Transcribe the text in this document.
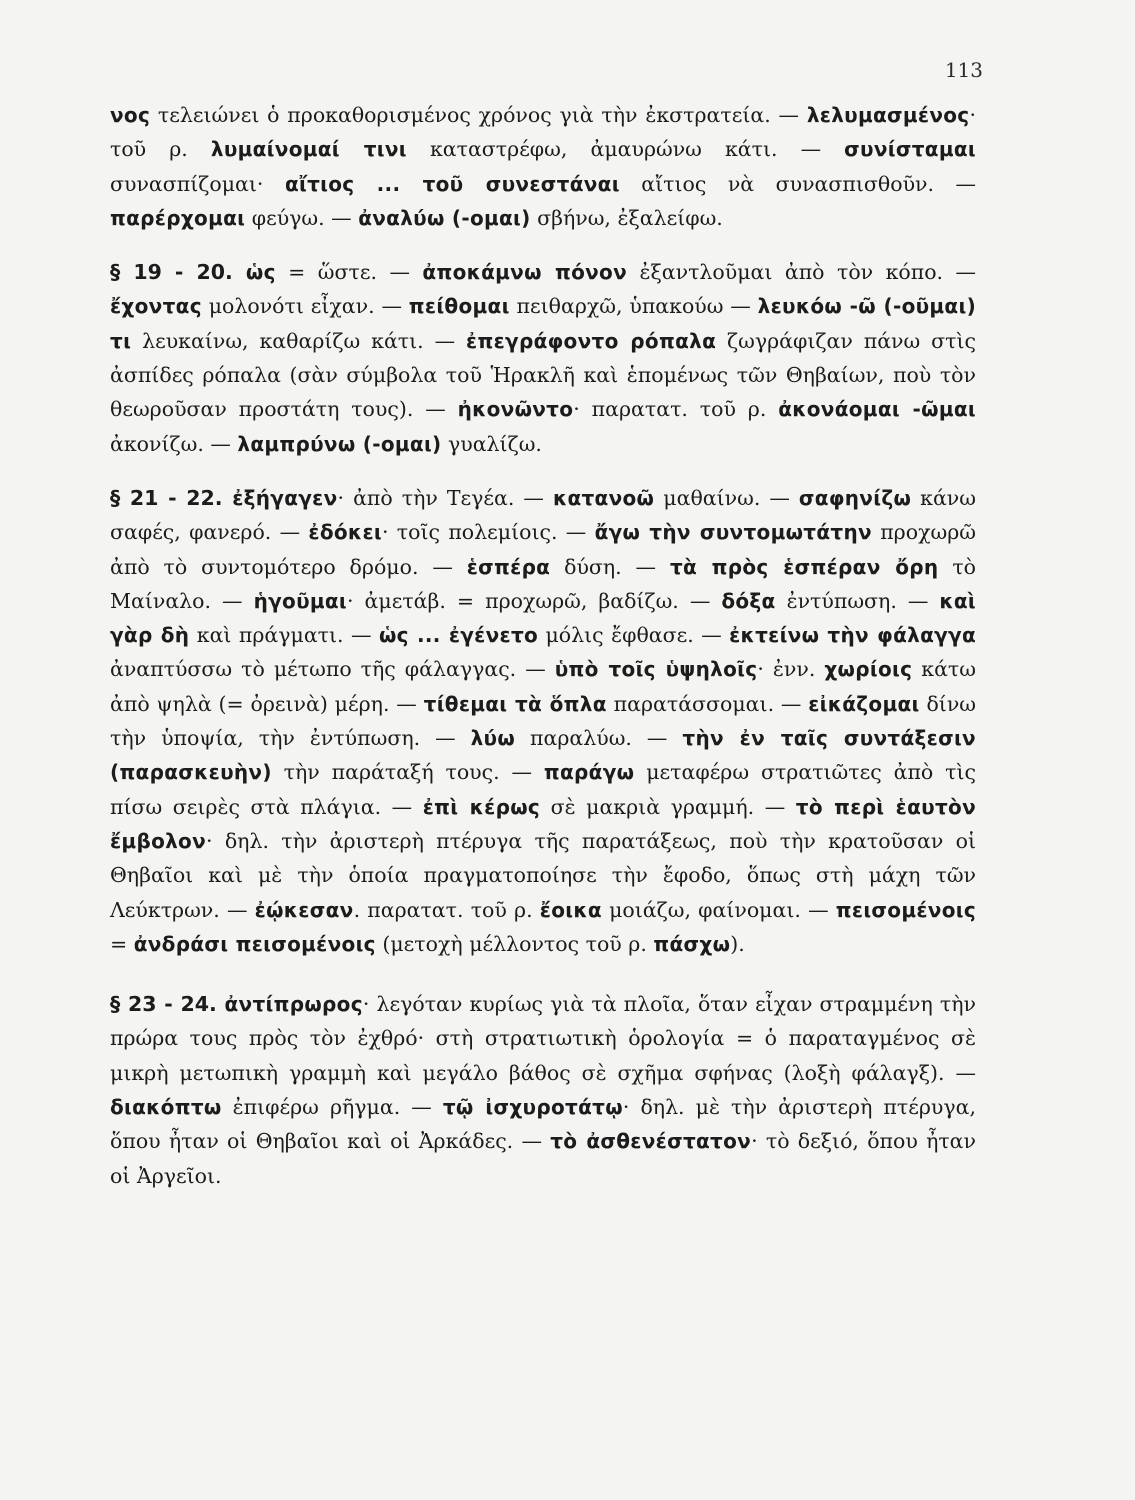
113

νος τελειώνει ὁ προκαθορισμένος χρόνος γιὰ τὴν ἐκστρατεία. — λελυμασμένος· τοῦ ρ. λυμαίνομαί τινι καταστρέφω, ἀμαυρώνω κάτι. — συνίσταμαι συνασπίζομαι· αἴτιος ... τοῦ συνεστάναι αἴτιος νὰ συνασπισθοῦν. — παρέρχομαι φεύγω. — ἀναλύω (-ομαι) σβήνω, ἐξαλείφω.

§ 19 - 20. ὡς = ὥστε. — ἀποκάμνω πόνον ἐξαντλοῦμαι ἀπὸ τὸν κόπο. — ἔχοντας μολονότι εἶχαν. — πείθομαι πειθαρχῶ, ὑπακούω — λευκόω -ῶ (-οῦμαι) τι λευκαίνω, καθαρίζω κάτι. — ἐπεγράφοντο ρόπαλα ζωγράφιζαν πάνω στὶς ἀσπίδες ρόπαλα (σὰν σύμβολα τοῦ Ἡρακλῆ καὶ ἑπομένως τῶν Θηβαίων, ποὺ τὸν θεωροῦσαν προστάτη τους). — ἠκονῶντο· παρατατ. τοῦ ρ. ἀκονάομαι -ῶμαι ἀκονίζω. — λαμπρύνω (-ομαι) γυαλίζω.

§ 21 - 22. ἐξήγαγεν· ἀπὸ τὴν Τεγέα. — κατανοῶ μαθαίνω. — σαφηνίζω κάνω σαφές, φανερό. — ἐδόκει· τοῖς πολεμίοις. — ἄγω τὴν συντομωτάτην προχωρῶ ἀπὸ τὸ συντομότερο δρόμο. — ἑσπέρα δύση. — τὰ πρὸς ἑσπέραν ὄρη τὸ Μαίναλο. — ἡγοῦμαι· ἀμετάβ. = προχωρῶ, βαδίζω. — δόξα ἐντύπωση. — καὶ γὰρ δὴ καὶ πράγματι. — ὡς ... ἐγένετο μόλις ἔφθασε. — ἐκτείνω τὴν φάλαγγα ἀναπτύσσω τὸ μέτωπο τῆς φάλαγγας. — ὑπὸ τοῖς ὑψηλοῖς· ἐνν. χωρίοις κάτω ἀπὸ ψηλὰ (= ὀρεινὰ) μέρη. — τίθεμαι τὰ ὅπλα παρατάσσομαι. — εἰκάζομαι δίνω τὴν ὑποψία, τὴν ἐντύπωση. — λύω παραλύω. — τὴν ἐν ταῖς συντάξεσιν (παρασκευὴν) τὴν παράταξή τους. — παράγω μεταφέρω στρατιῶτες ἀπὸ τὶς πίσω σειρὲς στὰ πλάγια. — ἐπὶ κέρως σὲ μακριὰ γραμμή. — τὸ περὶ ἑαυτὸν ἔμβολον· δηλ. τὴν ἀριστερὴ πτέρυγα τῆς παρατάξεως, ποὺ τὴν κρατοῦσαν οἱ Θηβαῖοι καὶ μὲ τὴν ὁποία πραγματοποίησε τὴν ἔφοδο, ὅπως στὴ μάχη τῶν Λεύκτρων. — ἐῴκεσαν. παρατατ. τοῦ ρ. ἔοικα μοιάζω, φαίνομαι. — πεισομένοις = ἀνδράσι πεισομένοις (μετοχὴ μέλλοντος τοῦ ρ. πάσχω).

§ 23 - 24. ἀντίπρωρος· λεγόταν κυρίως γιὰ τὰ πλοῖα, ὅταν εἶχαν στραμμένη τὴν πρώρα τους πρὸς τὸν ἐχθρό· στὴ στρατιωτικὴ ὁρολογία = ὁ παραταγμένος σὲ μικρὴ μετωπικὴ γραμμὴ καὶ μεγάλο βάθος σὲ σχῆμα σφήνας (λοξὴ φάλαγξ). — διακόπτω ἐπιφέρω ρῆγμα. — τῷ ἰσχυροτάτῳ· δηλ. μὲ τὴν ἀριστερὴ πτέρυγα, ὅπου ἦταν οἱ Θηβαῖοι καὶ οἱ Ἀρκάδες. — τὸ ἀσθενέστατον· τὸ δεξιό, ὅπου ἦταν οἱ Ἀργεῖοι.
